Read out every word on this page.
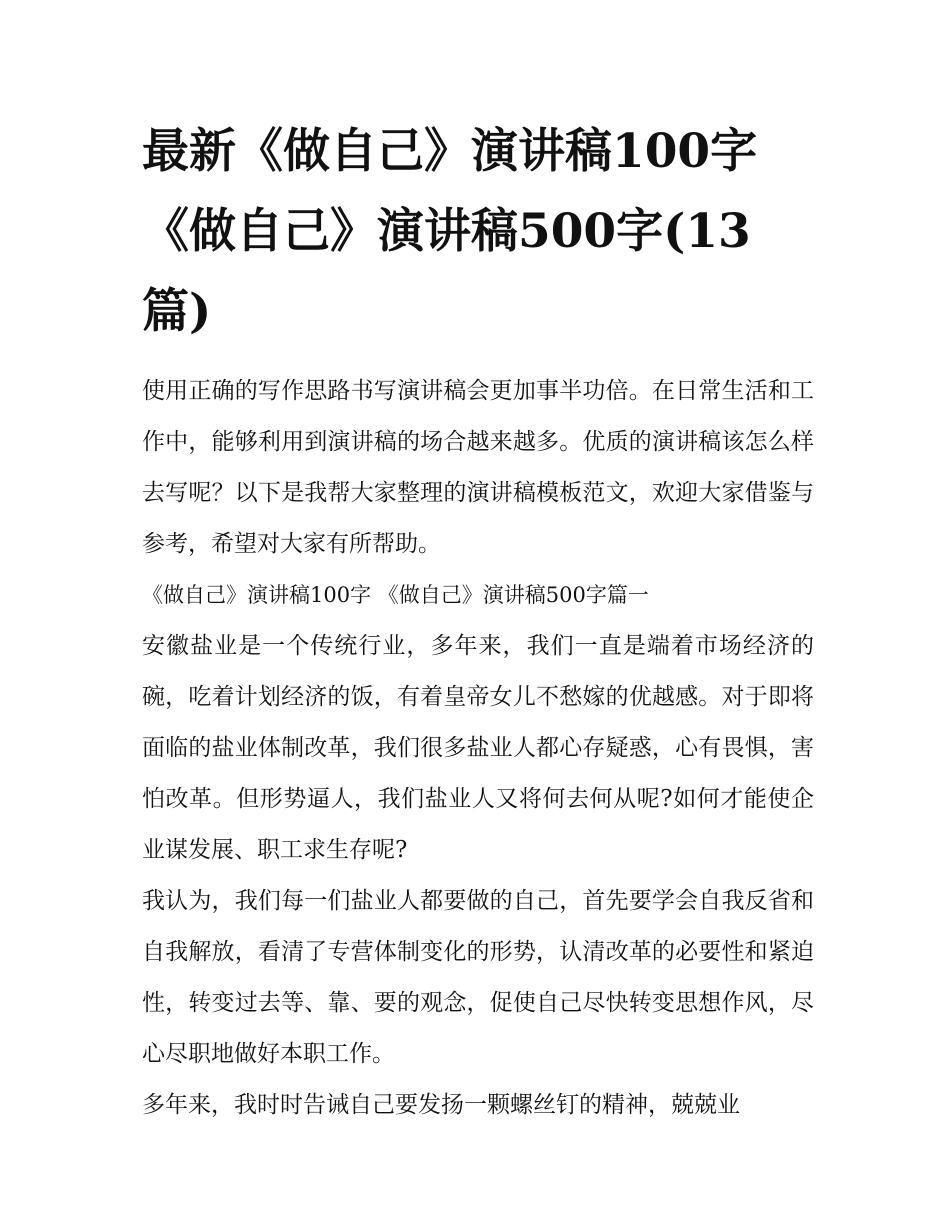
最新《做自己》演讲稿100字《做自己》演讲稿500字(13篇)

使用正确的写作思路书写演讲稿会更加事半功倍。在日常生活和工作中，能够利用到演讲稿的场合越来越多。优质的演讲稿该怎么样去写呢？以下是我帮大家整理的演讲稿模板范文，欢迎大家借鉴与参考，希望对大家有所帮助。

《做自己》演讲稿100字 《做自己》演讲稿500字篇一

安徽盐业是一个传统行业，多年来，我们一直是端着市场经济的碗，吃着计划经济的饭，有着皇帝女儿不愁嫁的优越感。对于即将面临的盐业体制改革，我们很多盐业人都心存疑惑，心有畏惧，害怕改革。但形势逼人，我们盐业人又将何去何从呢?如何才能使企业谋发展、职工求生存呢?

我认为，我们每一们盐业人都要做的自己，首先要学会自我反省和自我解放，看清了专营体制变化的形势，认清改革的必要性和紧迫性，转变过去等、靠、要的观念，促使自己尽快转变思想作风，尽心尽职地做好本职工作。

多年来，我时时告诫自己要发扬一颗螺丝钉的精神，兢兢业
